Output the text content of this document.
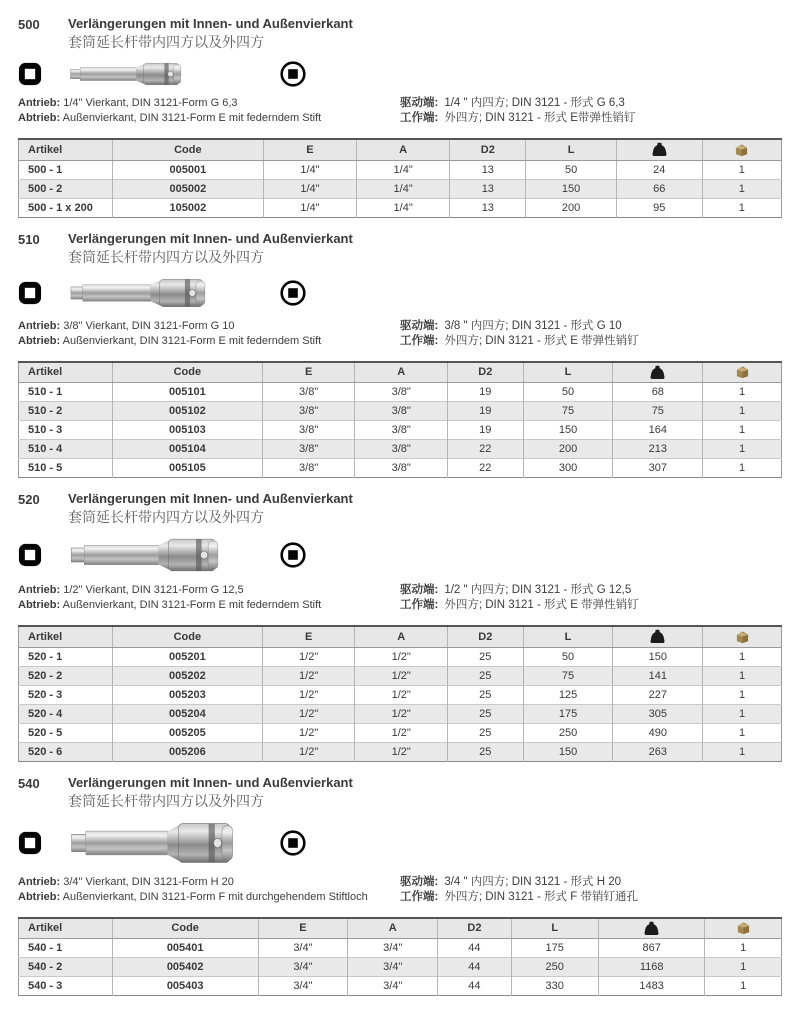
500	Verlängerungen mit Innen- und Außenvierkant
套筒延长杆带内四方以及外四方
Antrieb: 1/4" Vierkant, DIN 3121-Form G 6,3
Abtrieb: Außenvierkant, DIN 3121-Form E mit federndem Stift
驱动端: 1/4 " 内四方; DIN 3121 - 形式 G 6,3
工作端: 外四方; DIN 3121 - 形式 E带弹性销钉
Artikel	Code	E	A	D2	L	

500 - 1	005001	1/4"	1/4"	13	50	24	1
500 - 2	005002	1/4"	1/4"	13	150	66	1
500 - 1 x 200	105002	1/4"	1/4"	13	200	95	1
510	Verlängerungen mit Innen- und Außenvierkant
套筒延长杆带内四方以及外四方
Antrieb: 3/8" Vierkant, DIN 3121-Form G 10
Abtrieb: Außenvierkant, DIN 3121-Form E mit federndem Stift
驱动端: 3/8 " 内四方; DIN 3121 - 形式 G 10
工作端: 外四方; DIN 3121 - 形式 E 带弹性销钉
Artikel	Code	E	A	D2	L	

510 - 1	005101	3/8"	3/8"	19	50	68	1
510 - 2	005102	3/8"	3/8"	19	75	75	1
510 - 3	005103	3/8"	3/8"	19	150	164	1
510 - 4	005104	3/8"	3/8"	22	200	213	1
510 - 5	005105	3/8"	3/8"	22	300	307	1
520	Verlängerungen mit Innen- und Außenvierkant
套筒延长杆带内四方以及外四方
Antrieb: 1/2" Vierkant, DIN 3121-Form G 12,5
Abtrieb: Außenvierkant, DIN 3121-Form E mit federndem Stift
驱动端: 1/2 " 内四方; DIN 3121 - 形式 G 12,5
工作端: 外四方; DIN 3121 - 形式 E 带弹性销钉
Artikel	Code	E	A	D2	L	

520 - 1	005201	1/2"	1/2"	25	50	150	1
520 - 2	005202	1/2"	1/2"	25	75	141	1
520 - 3	005203	1/2"	1/2"	25	125	227	1
520 - 4	005204	1/2"	1/2"	25	175	305	1
520 - 5	005205	1/2"	1/2"	25	250	490	1
520 - 6	005206	1/2"	1/2"	25	150	263	1
540	Verlängerungen mit Innen- und Außenvierkant
套筒延长杆带内四方以及外四方
Antrieb: 3/4" Vierkant, DIN 3121-Form H 20
Abtrieb: Außenvierkant, DIN 3121-Form F mit durchgehendem Stiftloch
驱动端: 3/4 " 内四方; DIN 3121 - 形式 H 20
工作端: 外四方; DIN 3121 - 形式 F 带销钉通孔
Artikel	Code	E	A	D2	L	

540 - 1	005401	3/4"	3/4"	44	175	867	1
540 - 2	005402	3/4"	3/4"	44	250	1168	1
540 - 3	005403	3/4"	3/4"	44	330	1483	1
